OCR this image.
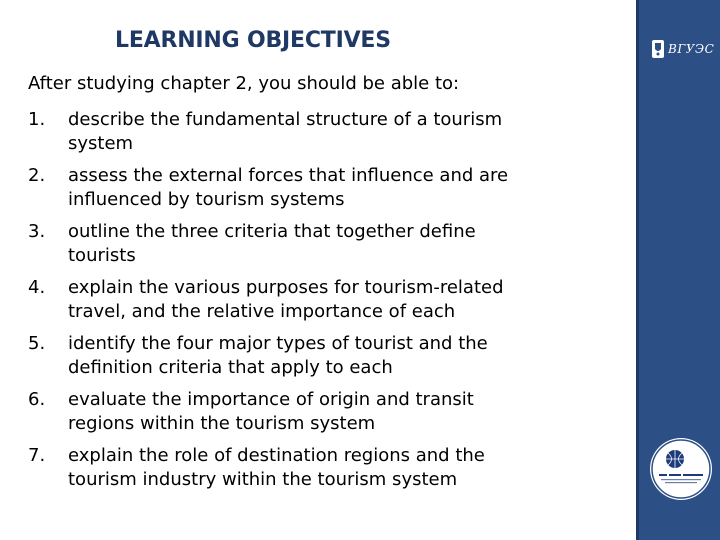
LEARNING OBJECTIVES

After studying chapter 2, you should be able to:

1. describe the fundamental structure of a tourism
system
2. assess the external forces that influence and are
influenced by tourism systems
3. outline the three criteria that together define
tourists
4. explain the various purposes for tourism-related
travel, and the relative importance of each
5. identify the four major types of tourist and the
definition criteria that apply to each
6. evaluate the importance of origin and transit
regions within the tourism system
7. explain the role of destination regions and the
tourism industry within the tourism system
ВГУЭС
